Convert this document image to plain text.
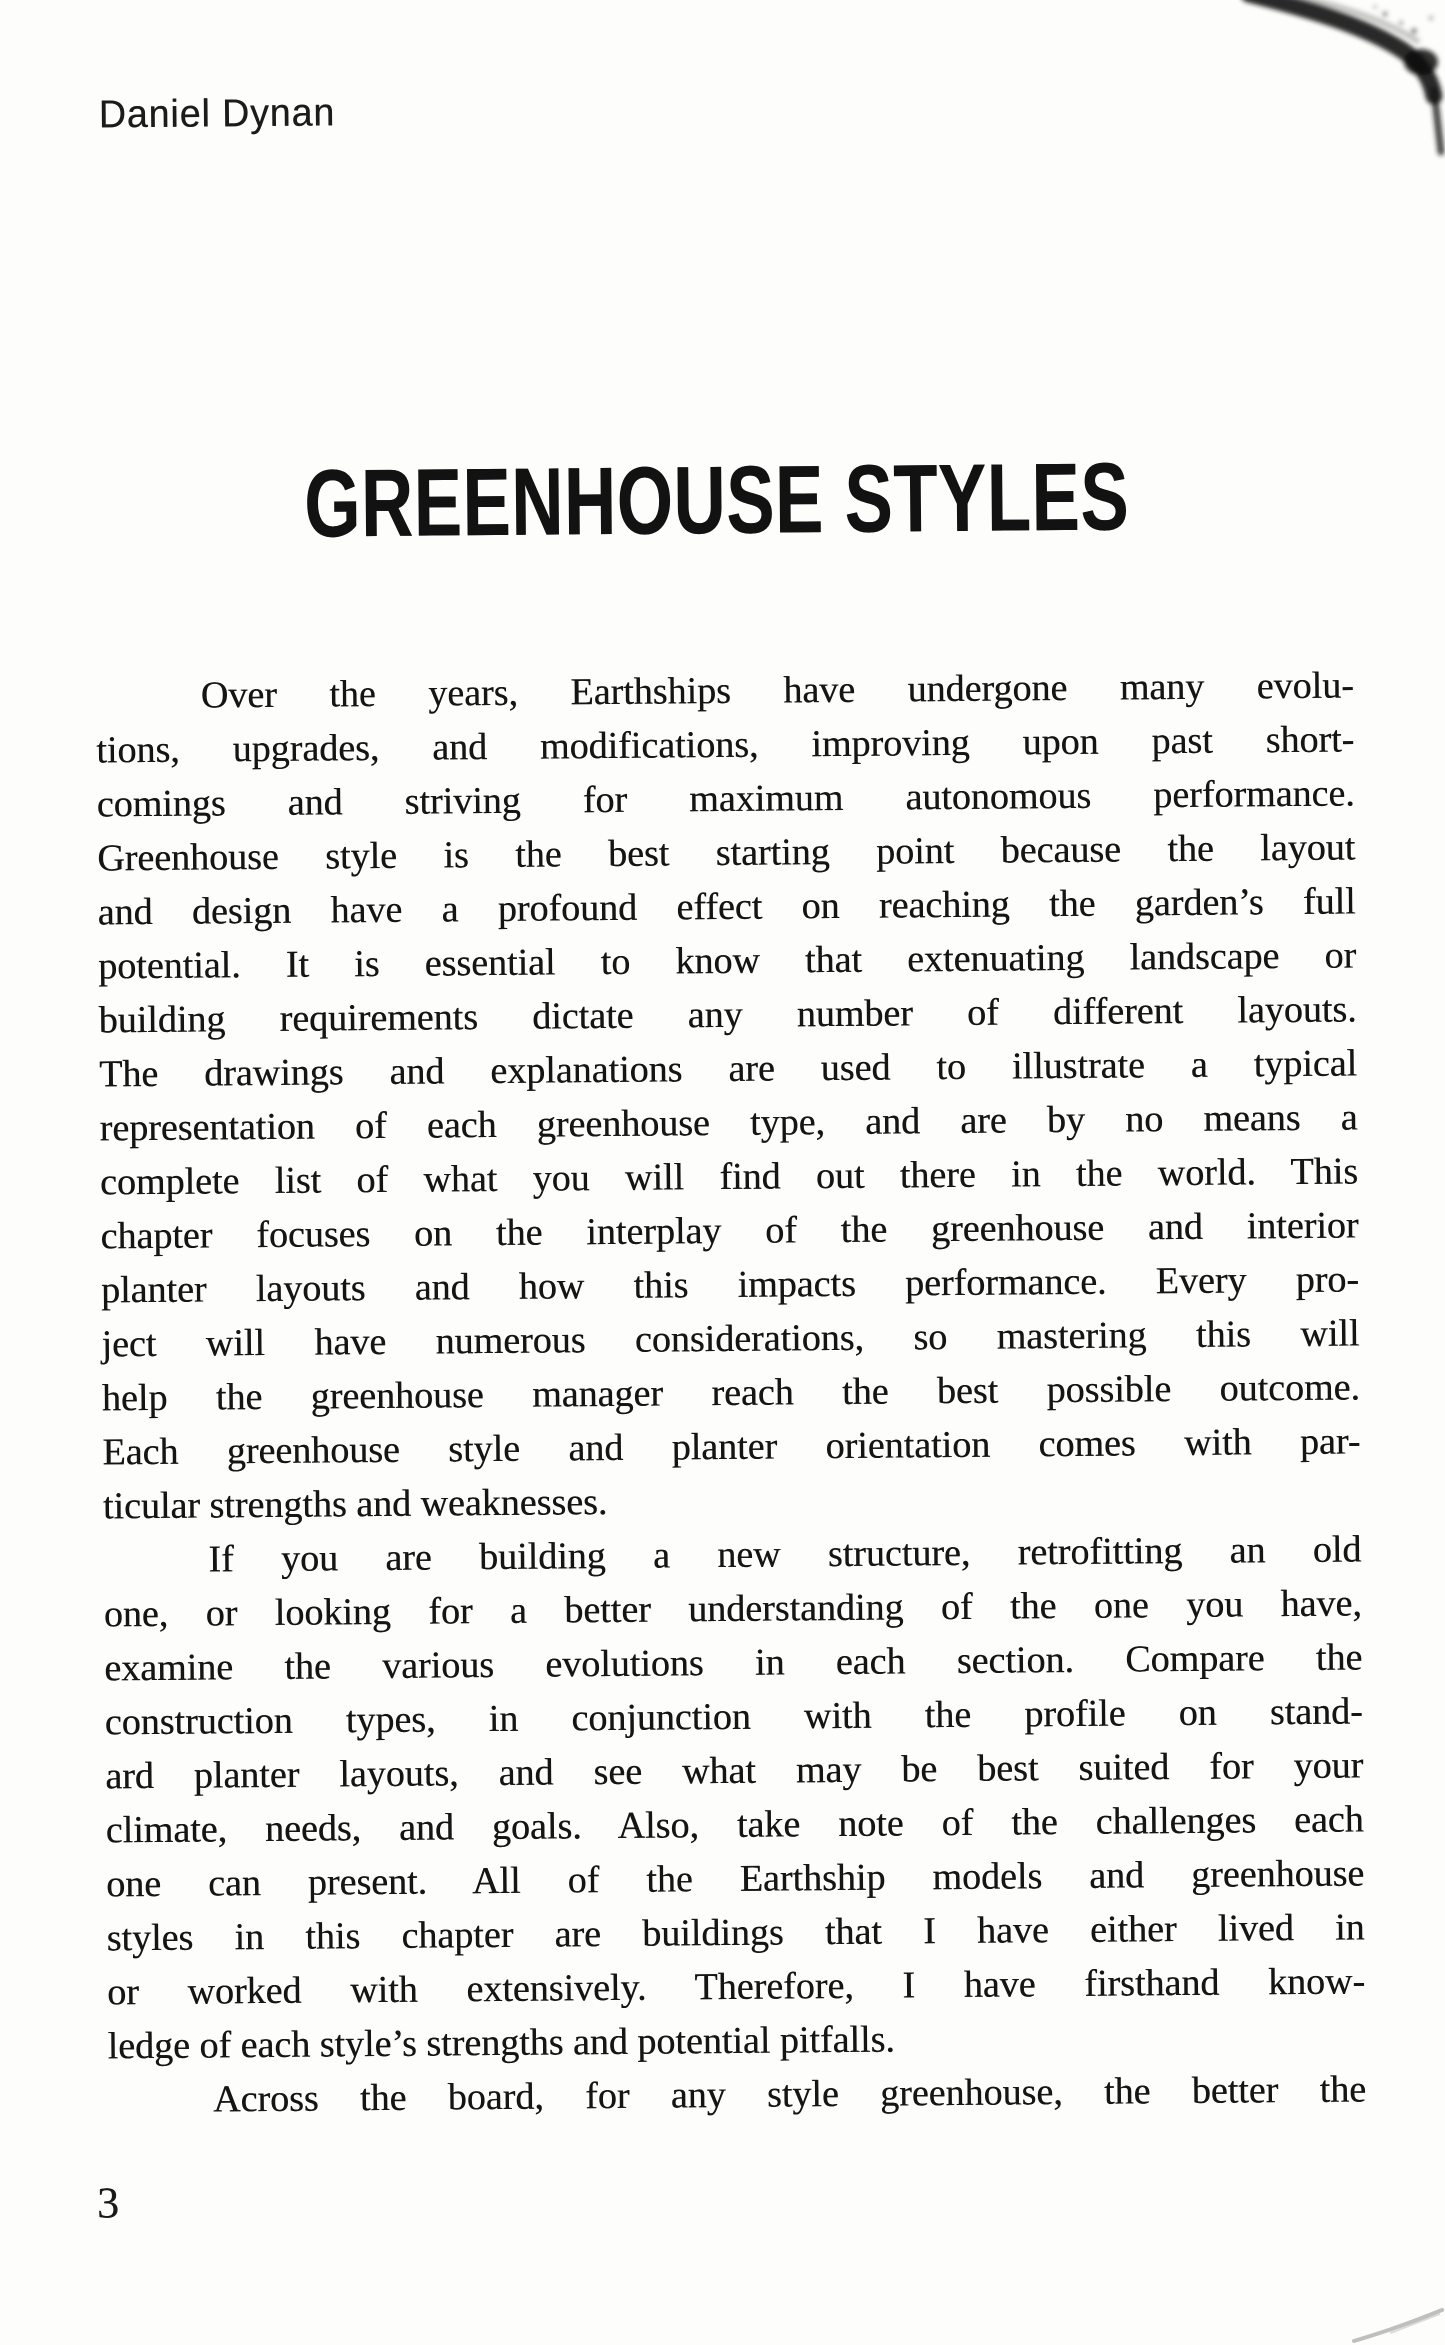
Daniel Dynan
GREENHOUSE STYLES
Over the years, Earthships have undergone many evolu-
tions, upgrades, and modifications, improving upon past short-
comings and striving for maximum autonomous performance.
Greenhouse style is the best starting point because the layout
and design have a profound effect on reaching the garden’s full
potential. It is essential to know that extenuating landscape or
building requirements dictate any number of different layouts.
The drawings and explanations are used to illustrate a typical
representation of each greenhouse type, and are by no means a
complete list of what you will find out there in the world. This
chapter focuses on the interplay of the greenhouse and interior
planter layouts and how this impacts performance. Every pro-
ject will have numerous considerations, so mastering this will
help the greenhouse manager reach the best possible outcome.
Each greenhouse style and planter orientation comes with par-
ticular strengths and weaknesses.
If you are building a new structure, retrofitting an old
one, or looking for a better understanding of the one you have,
examine the various evolutions in each section. Compare the
construction types, in conjunction with the profile on stand-
ard planter layouts, and see what may be best suited for your
climate, needs, and goals. Also, take note of the challenges each
one can present. All of the Earthship models and greenhouse
styles in this chapter are buildings that I have either lived in
or worked with extensively. Therefore, I have firsthand know-
ledge of each style’s strengths and potential pitfalls.
Across the board, for any style greenhouse, the better the
3
